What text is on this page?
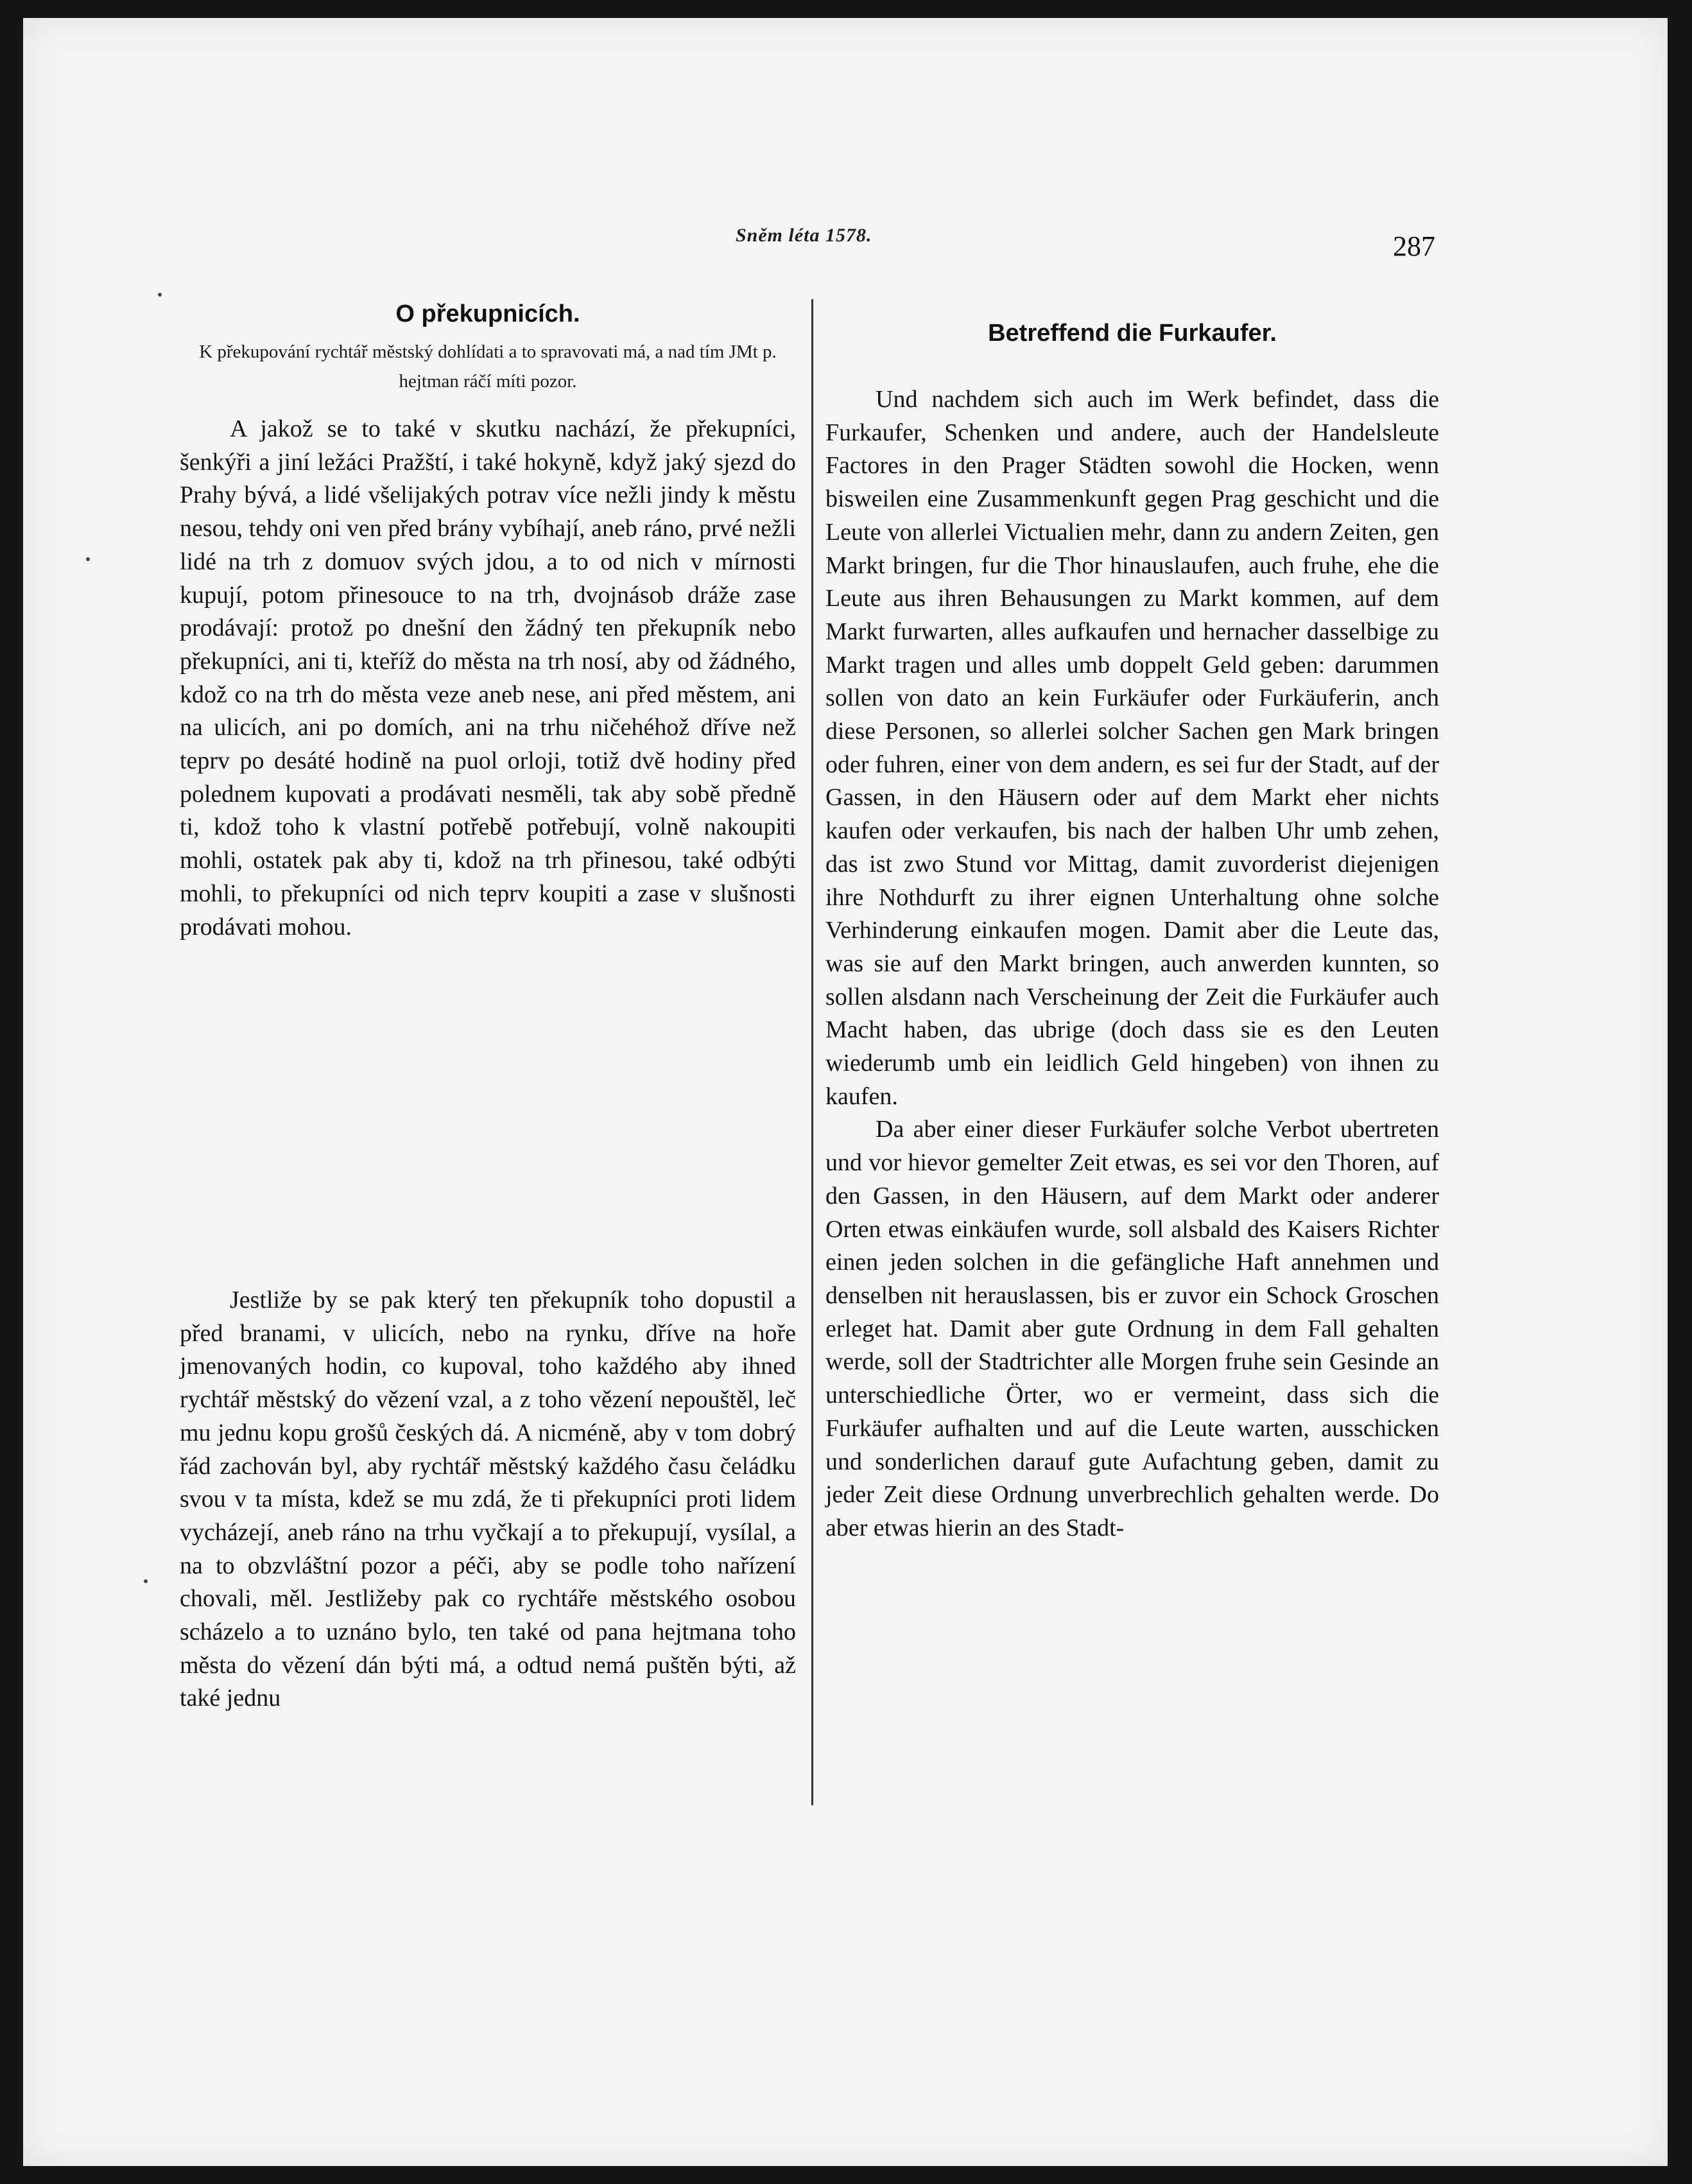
Sněm léta 1578.	287
O překupnicích.

K překupování rychtář městský dohlídati a to spravovati má, a nad tím JMt p. hejtman ráčí míti pozor.

A jakož se to také v skutku nachází, že překupníci, šenkýři a jiní ležáci Pražští, i také hokyně, když jaký sjezd do Prahy bývá, a lidé všelijakých potrav více nežli jindy k městu nesou, tehdy oni ven před brány vybíhají, aneb ráno, prvé nežli lidé na trh z domuov svých jdou, a to od nich v mírnosti kupují, potom přinesouce to na trh, dvojnásob dráže zase prodávají: protož po dnešní den žádný ten překupník nebo překupníci, ani ti, kteříž do města na trh nosí, aby od žádného, kdož co na trh do města veze aneb nese, ani před městem, ani na ulicích, ani po domích, ani na trhu ničehéhož dříve než teprv po desáté hodině na puol orloji, totiž dvě hodiny před polednem kupovati a prodávati nesměli, tak aby sobě předně ti, kdož toho k vlastní potřebě potřebují, volně nakoupiti mohli, ostatek pak aby ti, kdož na trh přinesou, také odbýti mohli, to překupníci od nich teprv koupiti a zase v slušnosti prodávati mohou.

Jestliže by se pak který ten překupník toho dopustil a před branami, v ulicích, nebo na rynku, dříve na hoře jmenovaných hodin, co kupoval, toho každého aby ihned rychtář městský do vězení vzal, a z toho vězení nepouštěl, leč mu jednu kopu grošů českých dá. A nicméně, aby v tom dobrý řád zachován byl, aby rychtář městský každého času čeládku svou v ta místa, kdež se mu zdá, že ti překupníci proti lidem vycházejí, aneb ráno na trhu vyčkají a to překupují, vysílal, a na to obzvláštní pozor a péči, aby se podle toho nařízení chovali, měl. Jestližeby pak co rychtáře městského osobou scházelo a to uznáno bylo, ten také od pana hejtmana toho města do vězení dán býti má, a odtud nemá puštěn býti, až také jednu

Betreffend die Furkaufer.

Und nachdem sich auch im Werk befindet, dass die Furkaufer, Schenken und andere, auch der Handelsleute Factores in den Prager Städten sowohl die Hocken, wenn bisweilen eine Zusammenkunft gegen Prag geschicht und die Leute von allerlei Victualien mehr, dann zu andern Zeiten, gen Markt bringen, fur die Thor hinauslaufen, auch fruhe, ehe die Leute aus ihren Behausungen zu Markt kommen, auf dem Markt furwarten, alles aufkaufen und hernacher dasselbige zu Markt tragen und alles umb doppelt Geld geben: darummen sollen von dato an kein Furkäufer oder Furkäuferin, anch diese Personen, so allerlei solcher Sachen gen Mark bringen oder fuhren, einer von dem andern, es sei fur der Stadt, auf der Gassen, in den Häusern oder auf dem Markt eher nichts kaufen oder verkaufen, bis nach der halben Uhr umb zehen, das ist zwo Stund vor Mittag, damit zuvorderist diejenigen ihre Nothdurft zu ihrer eignen Unterhaltung ohne solche Verhinderung einkaufen mogen. Damit aber die Leute das, was sie auf den Markt bringen, auch anwerden kunnten, so sollen alsdann nach Verscheinung der Zeit die Furkäufer auch Macht haben, das ubrige (doch dass sie es den Leuten wiederumb umb ein leidlich Geld hingeben) von ihnen zu kaufen.

Da aber einer dieser Furkäufer solche Verbot ubertreten und vor hievor gemelter Zeit etwas, es sei vor den Thoren, auf den Gassen, in den Häusern, auf dem Markt oder anderer Orten etwas einkäufen wurde, soll alsbald des Kaisers Richter einen jeden solchen in die gefängliche Haft annehmen und denselben nit herauslassen, bis er zuvor ein Schock Groschen erleget hat. Damit aber gute Ordnung in dem Fall gehalten werde, soll der Stadtrichter alle Morgen fruhe sein Gesinde an unterschiedliche Örter, wo er vermeint, dass sich die Furkäufer aufhalten und auf die Leute warten, ausschicken und sonderlichen darauf gute Aufachtung geben, damit zu jeder Zeit diese Ordnung unverbrechlich gehalten werde. Do aber etwas hierin an des Stadt-
